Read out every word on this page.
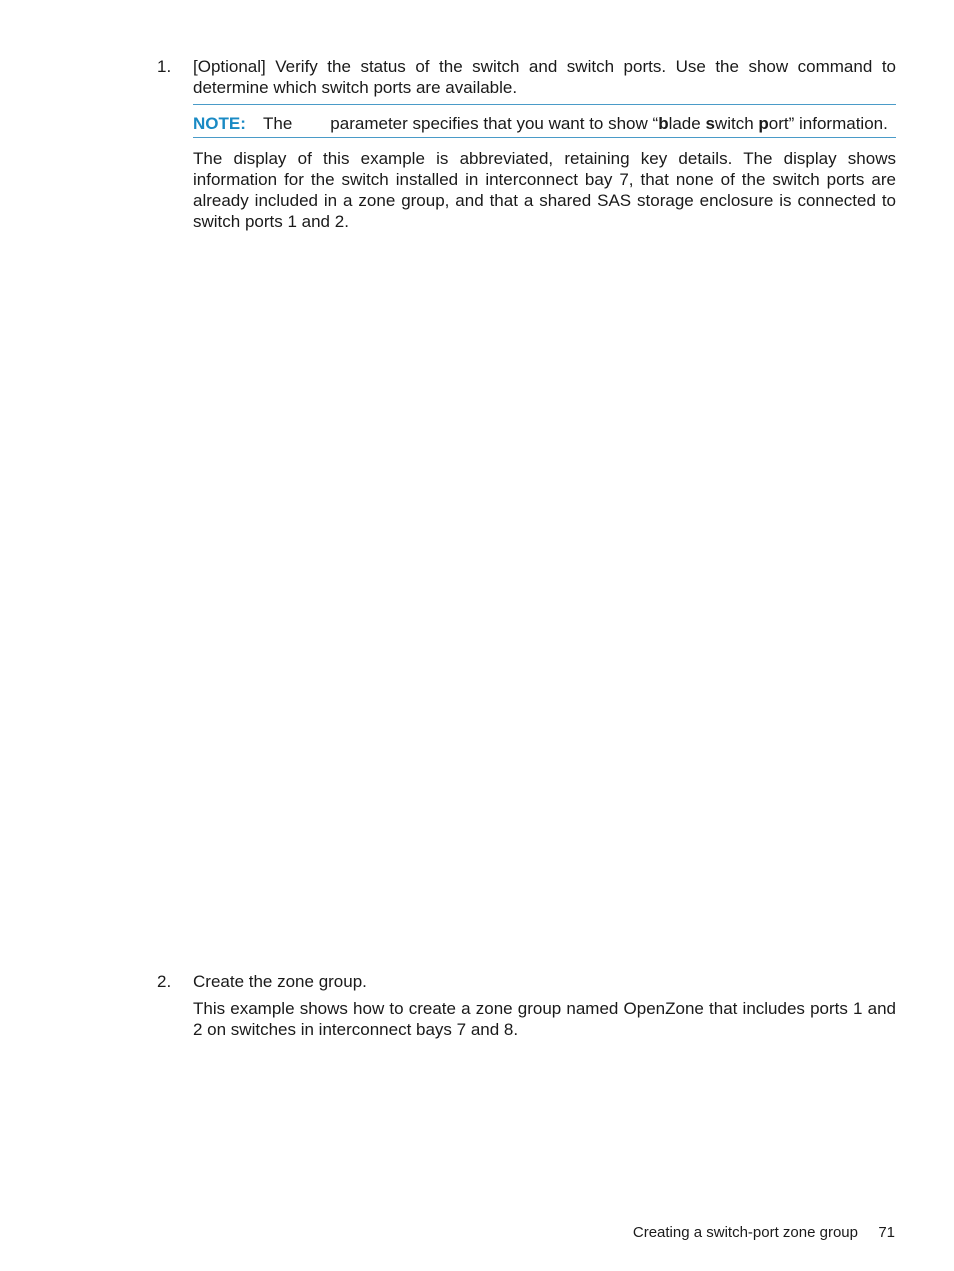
1.	[Optional] Verify the status of the switch and switch ports. Use the show command to determine which switch ports are available.
NOTE: The parameter specifies that you want to show “blade switch port” information.
The display of this example is abbreviated, retaining key details. The display shows information for the switch installed in interconnect bay 7, that none of the switch ports are already included in a zone group, and that a shared SAS storage enclosure is connected to switch ports 1 and 2.
2.	Create the zone group.
This example shows how to create a zone group named OpenZone that includes ports 1 and 2 on switches in interconnect bays 7 and 8.
Creating a switch-port zone group 71
